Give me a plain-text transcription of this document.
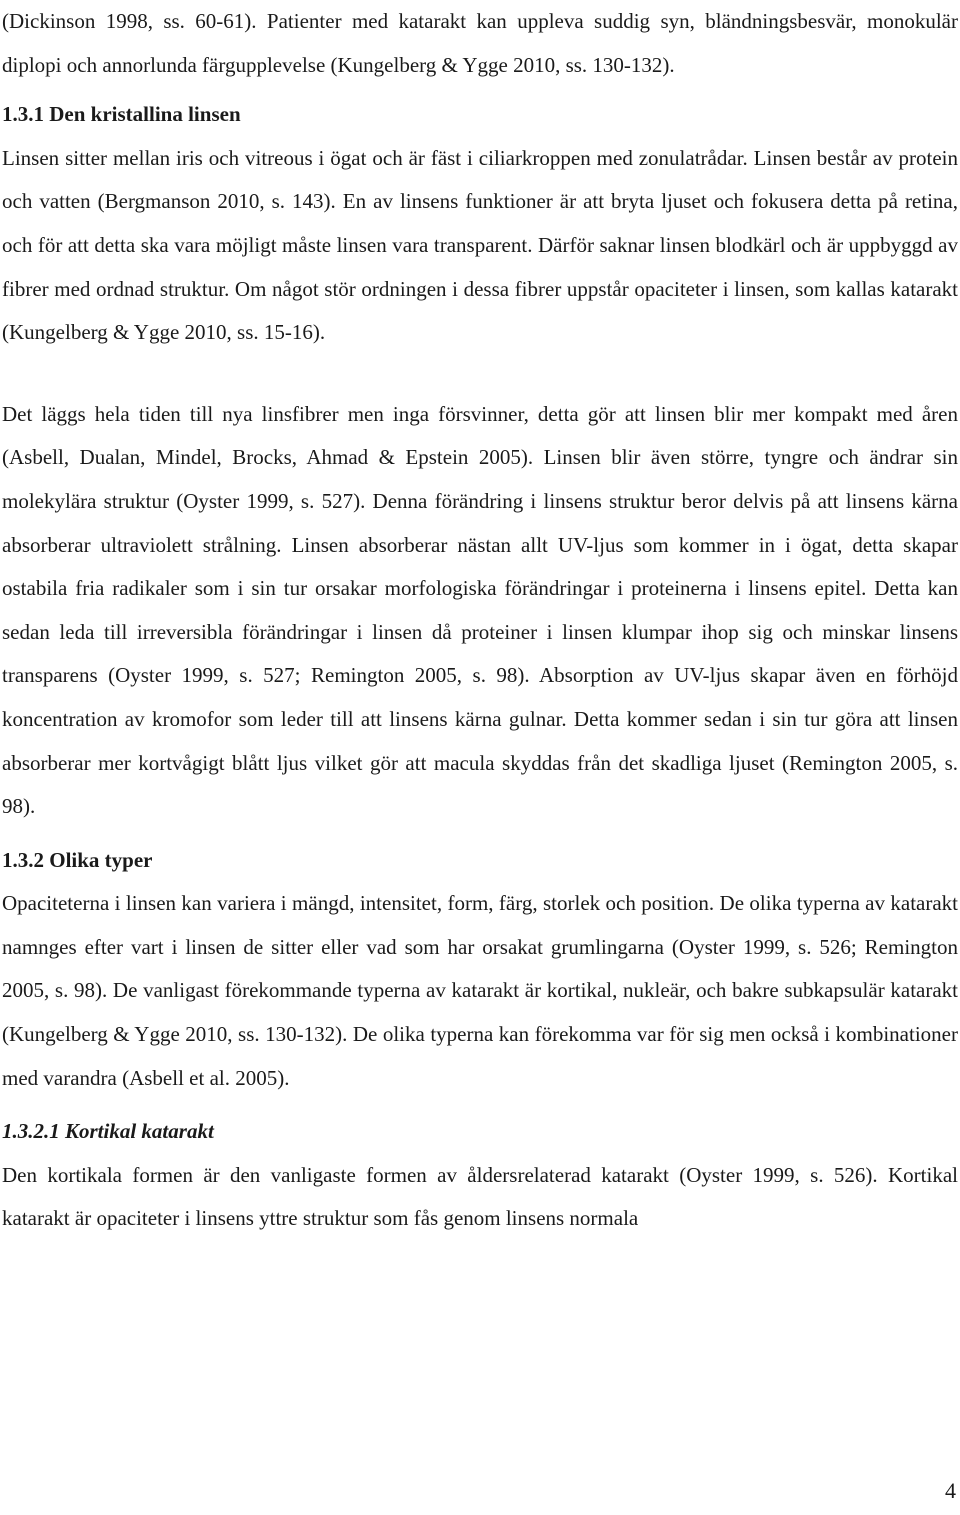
(Dickinson 1998, ss. 60-61). Patienter med katarakt kan uppleva suddig syn, bländningsbesvär, monokulär diplopi och annorlunda färgupplevelse (Kungelberg & Ygge 2010, ss. 130-132).

1.3.1 Den kristallina linsen

Linsen sitter mellan iris och vitreous i ögat och är fäst i ciliarkroppen med zonulatrådar. Linsen består av protein och vatten (Bergmanson 2010, s. 143). En av linsens funktioner är att bryta ljuset och fokusera detta på retina, och för att detta ska vara möjligt måste linsen vara transparent. Därför saknar linsen blodkärl och är uppbyggd av fibrer med ordnad struktur. Om något stör ordningen i dessa fibrer uppstår opaciteter i linsen, som kallas katarakt (Kungelberg & Ygge 2010, ss. 15-16).

Det läggs hela tiden till nya linsfibrer men inga försvinner, detta gör att linsen blir mer kompakt med åren (Asbell, Dualan, Mindel, Brocks, Ahmad & Epstein 2005). Linsen blir även större, tyngre och ändrar sin molekylära struktur (Oyster 1999, s. 527). Denna förändring i linsens struktur beror delvis på att linsens kärna absorberar ultraviolett strålning. Linsen absorberar nästan allt UV-ljus som kommer in i ögat, detta skapar ostabila fria radikaler som i sin tur orsakar morfologiska förändringar i proteinerna i linsens epitel. Detta kan sedan leda till irreversibla förändringar i linsen då proteiner i linsen klumpar ihop sig och minskar linsens transparens (Oyster 1999, s. 527; Remington 2005, s. 98). Absorption av UV-ljus skapar även en förhöjd koncentration av kromofor som leder till att linsens kärna gulnar. Detta kommer sedan i sin tur göra att linsen absorberar mer kortvågigt blått ljus vilket gör att macula skyddas från det skadliga ljuset (Remington 2005, s. 98).

1.3.2 Olika typer

Opaciteterna i linsen kan variera i mängd, intensitet, form, färg, storlek och position. De olika typerna av katarakt namnges efter vart i linsen de sitter eller vad som har orsakat grumlingarna (Oyster 1999, s. 526; Remington 2005, s. 98). De vanligast förekommande typerna av katarakt är kortikal, nukleär, och bakre subkapsulär katarakt (Kungelberg & Ygge 2010, ss. 130-132). De olika typerna kan förekomma var för sig men också i kombinationer med varandra (Asbell et al. 2005).

1.3.2.1 Kortikal katarakt

Den kortikala formen är den vanligaste formen av åldersrelaterad katarakt (Oyster 1999, s. 526). Kortikal katarakt är opaciteter i linsens yttre struktur som fås genom linsens normala

4
